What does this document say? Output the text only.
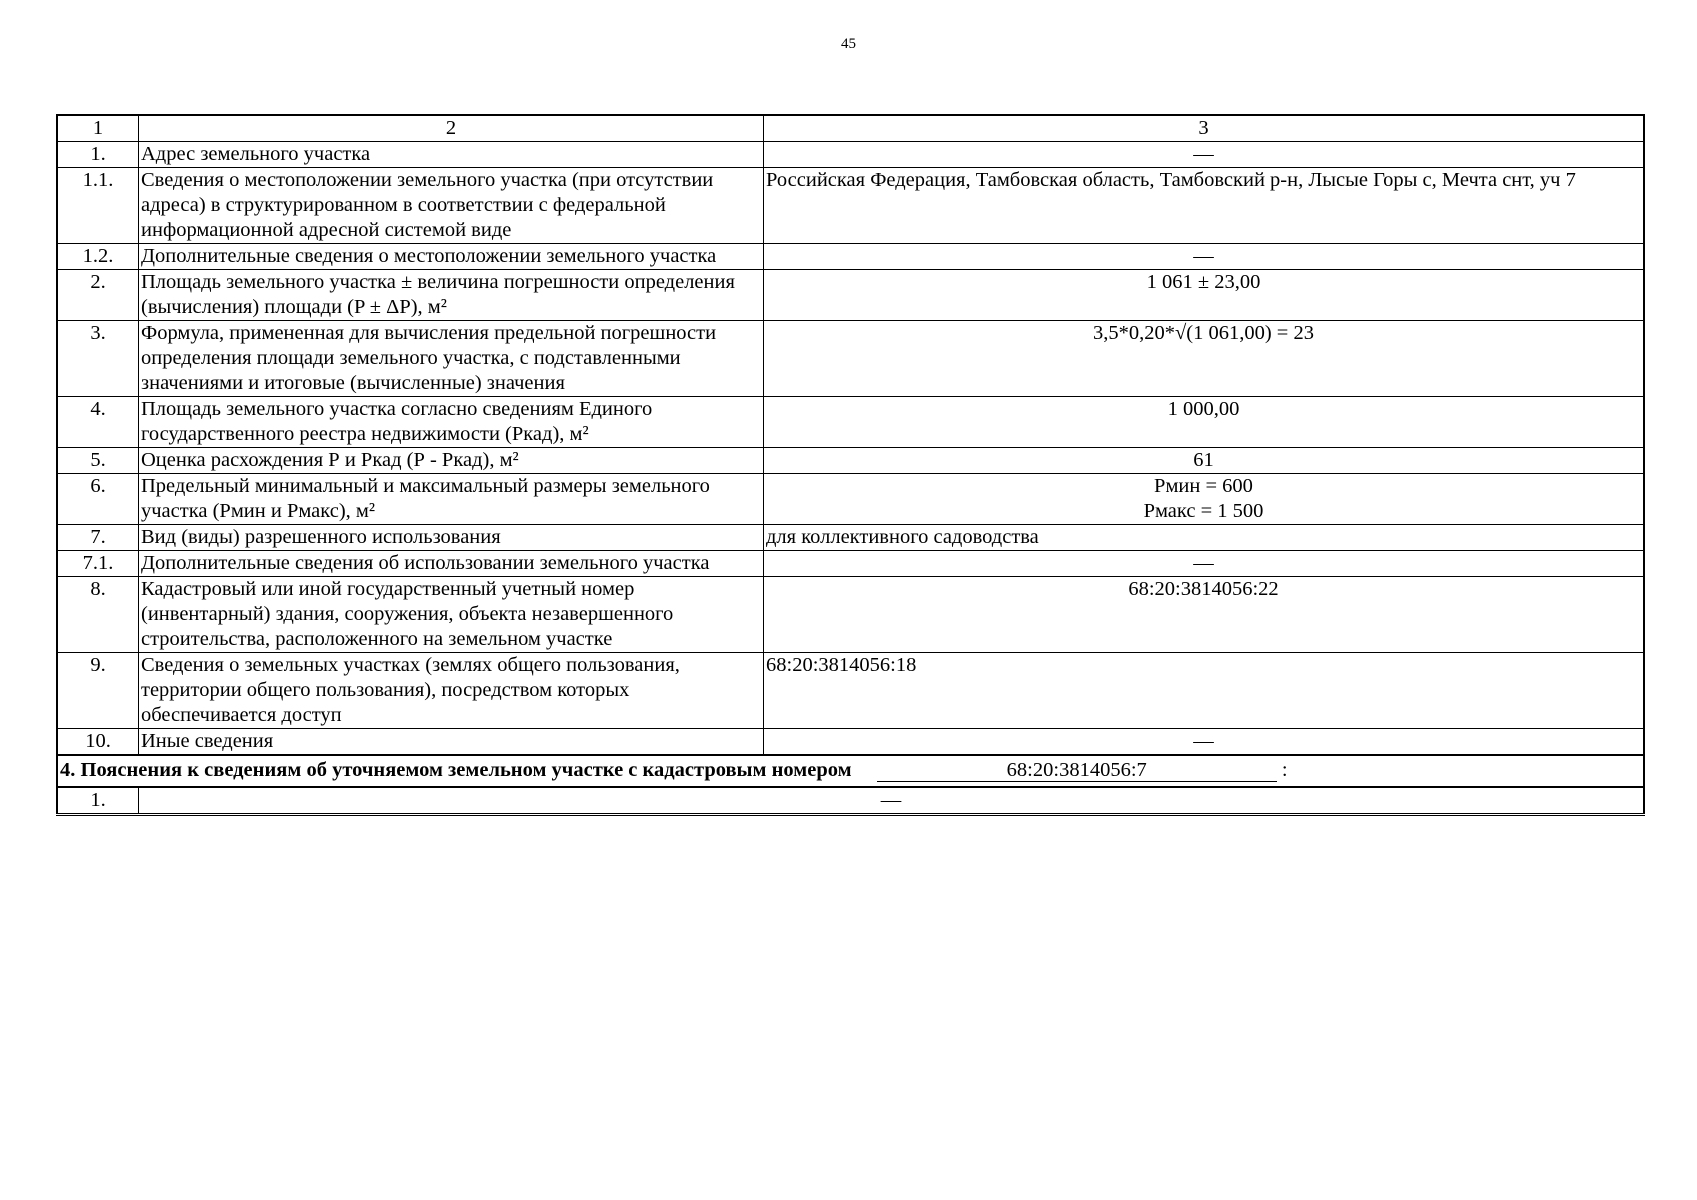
45
1	2	3
1.	Адрес земельного участка	—
1.1.	Сведения о местоположении земельного участка (при отсутствии адреса) в структурированном в соответствии с федеральной информационной адресной системой виде	Российская Федерация, Тамбовская область, Тамбовский р-н, Лысые Горы с, Мечта снт, уч 7
1.2.	Дополнительные сведения о местоположении земельного участка	—
2.	Площадь земельного участка ± величина погрешности определения (вычисления) площади (P ± ΔP), м²	1 061 ± 23,00
3.	Формула, примененная для вычисления предельной погрешности определения площади земельного участка, с подставленными значениями и итоговые (вычисленные) значения	3,5*0,20*√(1 061,00) = 23
4.	Площадь земельного участка согласно сведениям Единого государственного реестра недвижимости (Ркад), м²	1 000,00
5.	Оценка расхождения Р и Ркад (Р - Ркад), м²	61
6.	Предельный минимальный и максимальный размеры земельного участка (Рмин и Рмакс), м²	Pмин = 600
Pмакс = 1 500

7.	Вид (виды) разрешенного использования	для коллективного садоводства
7.1.	Дополнительные сведения об использовании земельного участка	—
8.	Кадастровый или иной государственный учетный номер (инвентарный) здания, сооружения, объекта незавершенного строительства, расположенного на земельном участке	68:20:3814056:22
9.	Сведения о земельных участках (землях общего пользования, территории общего пользования), посредством которых обеспечивается доступ	68:20:3814056:18
10.	Иные сведения	—
4. Пояснения к сведениям об уточняемом земельном участке с кадастровым номером 68:20:3814056:7 :		
1.	—	
